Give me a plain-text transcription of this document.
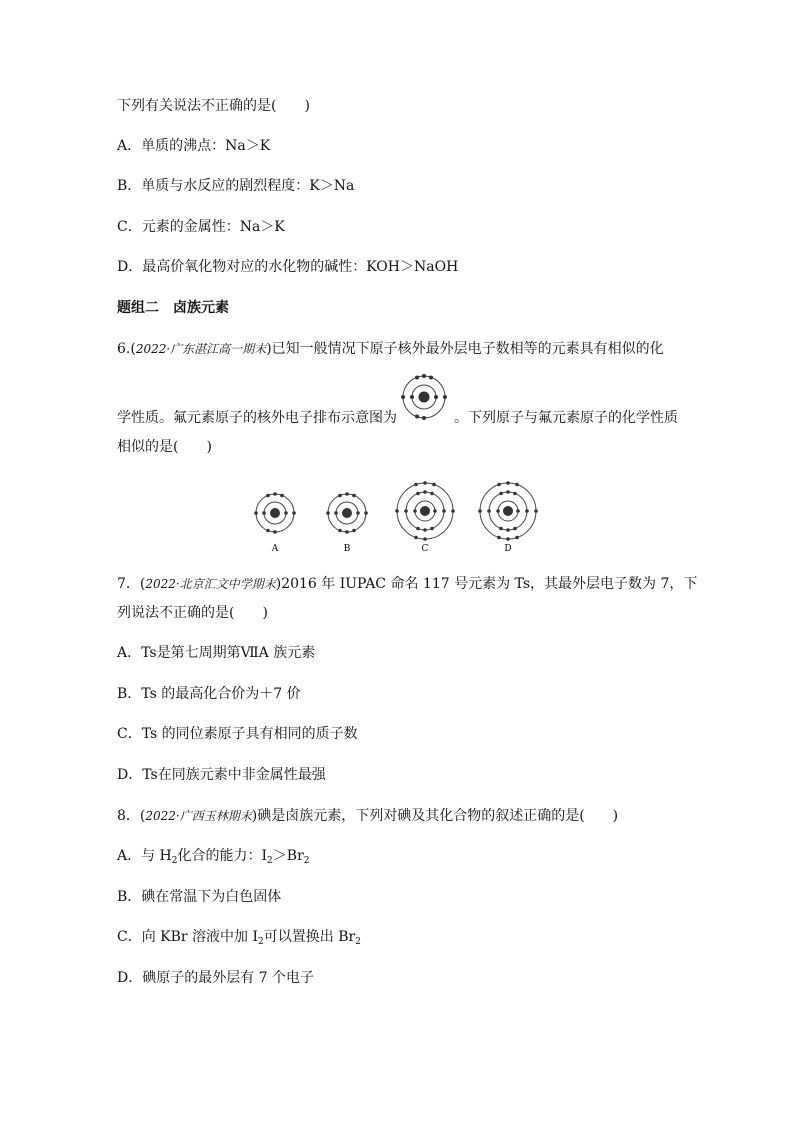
下列有关说法不正确的是( )
A．单质的沸点：Na＞K
B．单质与水反应的剧烈程度：K＞Na
C．元素的金属性：Na＞K
D．最高价氧化物对应的水化物的碱性：KOH＞NaOH
题组二　卤族元素
6.(2022·广东湛江高一期末)已知一般情况下原子核外最外层电子数相等的元素具有相似的化
学性质。氟元素原子的核外电子排布示意图为	。下列原子与氟元素原子的化学性质
相似的是( )
A	B	C	D
7．(2022·北京汇文中学期末)2016 年 IUPAC 命名 117 号元素为 Ts，其最外层电子数为 7，下
列说法不正确的是( )
A．Ts是第七周期第ⅦA 族元素
B．Ts 的最高化合价为＋7 价
C．Ts 的同位素原子具有相同的质子数
D．Ts在同族元素中非金属性最强
8．(2022·广西玉林期末)碘是卤族元素，下列对碘及其化合物的叙述正确的是( )
A．与 $H_2$化合的能力：$I_2>Br_2$
B．碘在常温下为白色固体
C．向 KBr 溶液中加 $I_2$可以置换出 $Br_2$
D．碘原子的最外层有 7 个电子
